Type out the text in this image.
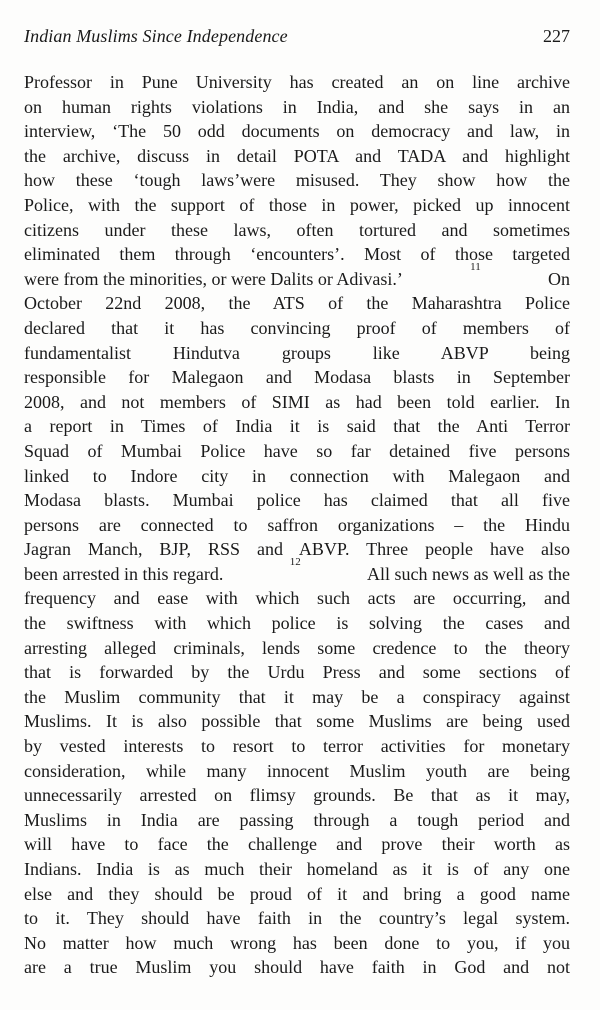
Indian Muslims Since Independence	227
Professor in Pune University has created an on line archive
on human rights violations in India, and she says in an
interview, ‘The 50 odd documents on democracy and law, in
the archive, discuss in detail POTA and TADA and highlight
how these ‘tough laws’were misused. They show how the
Police, with the support of those in power, picked up innocent
citizens under these laws, often tortured and sometimes
eliminated them through ‘encounters’. Most of those targeted
were from the minorities, or were Dalits or Adivasi.’
11
On
October 22nd 2008, the ATS of the Maharashtra Police
declared that it has convincing proof of members of
fundamentalist Hindutva groups like ABVP being
responsible for Malegaon and Modasa blasts in September
2008, and not members of SIMI as had been told earlier. In
a report in Times of India it is said that the Anti Terror
Squad of Mumbai Police have so far detained five persons
linked to Indore city in connection with Malegaon and
Modasa blasts. Mumbai police has claimed that all five
persons are connected to saffron organizations – the Hindu
Jagran Manch, BJP, RSS and ABVP. Three people have also
been arrested in this regard.
12
All such news as well as the
frequency and ease with which such acts are occurring, and
the swiftness with which police is solving the cases and
arresting alleged criminals, lends some credence to the theory
that is forwarded by the Urdu Press and some sections of
the Muslim community that it may be a conspiracy against
Muslims. It is also possible that some Muslims are being used
by vested interests to resort to terror activities for monetary
consideration, while many innocent Muslim youth are being
unnecessarily arrested on flimsy grounds. Be that as it may,
Muslims in India are passing through a tough period and
will have to face the challenge and prove their worth as
Indians. India is as much their homeland as it is of any one
else and they should be proud of it and bring a good name
to it. They should have faith in the country’s legal system.
No matter how much wrong has been done to you, if you
are a true Muslim you should have faith in God and not
